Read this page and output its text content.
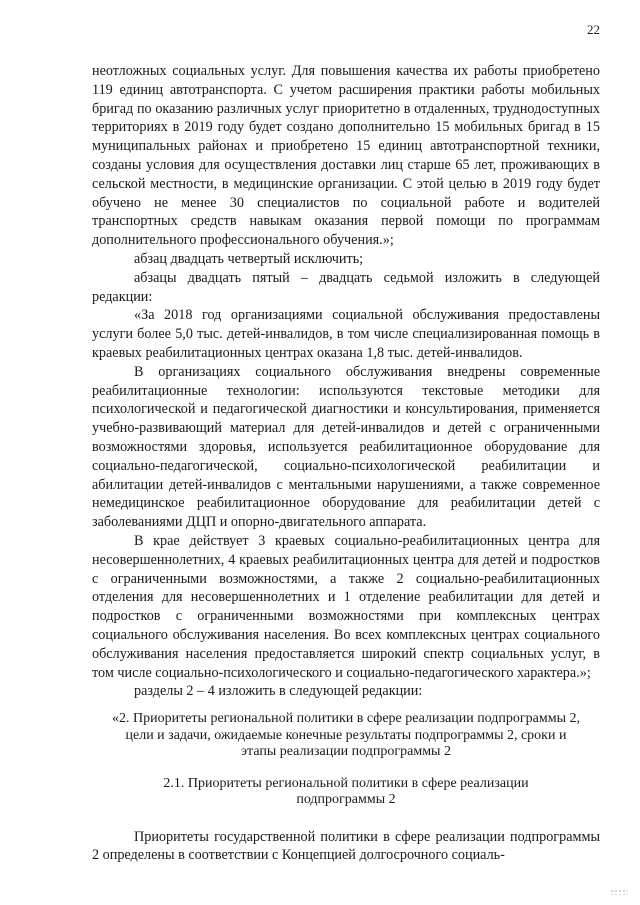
22

неотложных социальных услуг. Для повышения качества их работы приобретено 119 единиц автотранспорта. С учетом расширения практики работы мобильных бригад по оказанию различных услуг приоритетно в отдаленных, труднодоступных территориях в 2019 году будет создано дополнительно 15 мобильных бригад в 15 муниципальных районах и приобретено 15 единиц автотранспортной техники, созданы условия для осуществления доставки лиц старше 65 лет, проживающих в сельской местности, в медицинские организации. С этой целью в 2019 году будет обучено не менее 30 специалистов по социальной работе и водителей транспортных средств навыкам оказания первой помощи по программам дополнительного профессионального обучения.»;

абзац двадцать четвертый исключить;

абзацы двадцать пятый – двадцать седьмой изложить в следующей редакции:

«За 2018 год организациями социальной обслуживания предоставлены услуги более 5,0 тыс. детей-инвалидов, в том числе специализированная помощь в краевых реабилитационных центрах оказана 1,8 тыс. детей-инвалидов.

В организациях социального обслуживания внедрены современные реабилитационные технологии: используются текстовые методики для психологической и педагогической диагностики и консультирования, применяется учебно-развивающий материал для детей-инвалидов и детей с ограниченными возможностями здоровья, используется реабилитационное оборудование для социально-педагогической, социально-психологической реабилитации и абилитации детей-инвалидов с ментальными нарушениями, а также современное немедицинское реабилитационное оборудование для реабилитации детей с заболеваниями ДЦП и опорно-двигательного аппарата.

В крае действует 3 краевых социально-реабилитационных центра для несовершеннолетних, 4 краевых реабилитационных центра для детей и подростков с ограниченными возможностями, а также 2 социально-реабилитационных отделения для несовершеннолетних и 1 отделение реабилитации для детей и подростков с ограниченными возможностями при комплексных центрах социального обслуживания населения. Во всех комплексных центрах социального обслуживания населения предоставляется широкий спектр социальных услуг, в том числе социально-психологического и социально-педагогического характера.»;

разделы 2 – 4 изложить в следующей редакции:

«2. Приоритеты региональной политики в сфере реализации подпрограммы 2, цели и задачи, ожидаемые конечные результаты подпрограммы 2, сроки и этапы реализации подпрограммы 2
2.1. Приоритеты региональной политики в сфере реализации подпрограммы 2

Приоритеты государственной политики в сфере реализации подпрограммы 2 определены в соответствии с Концепцией долгосрочного социаль-
